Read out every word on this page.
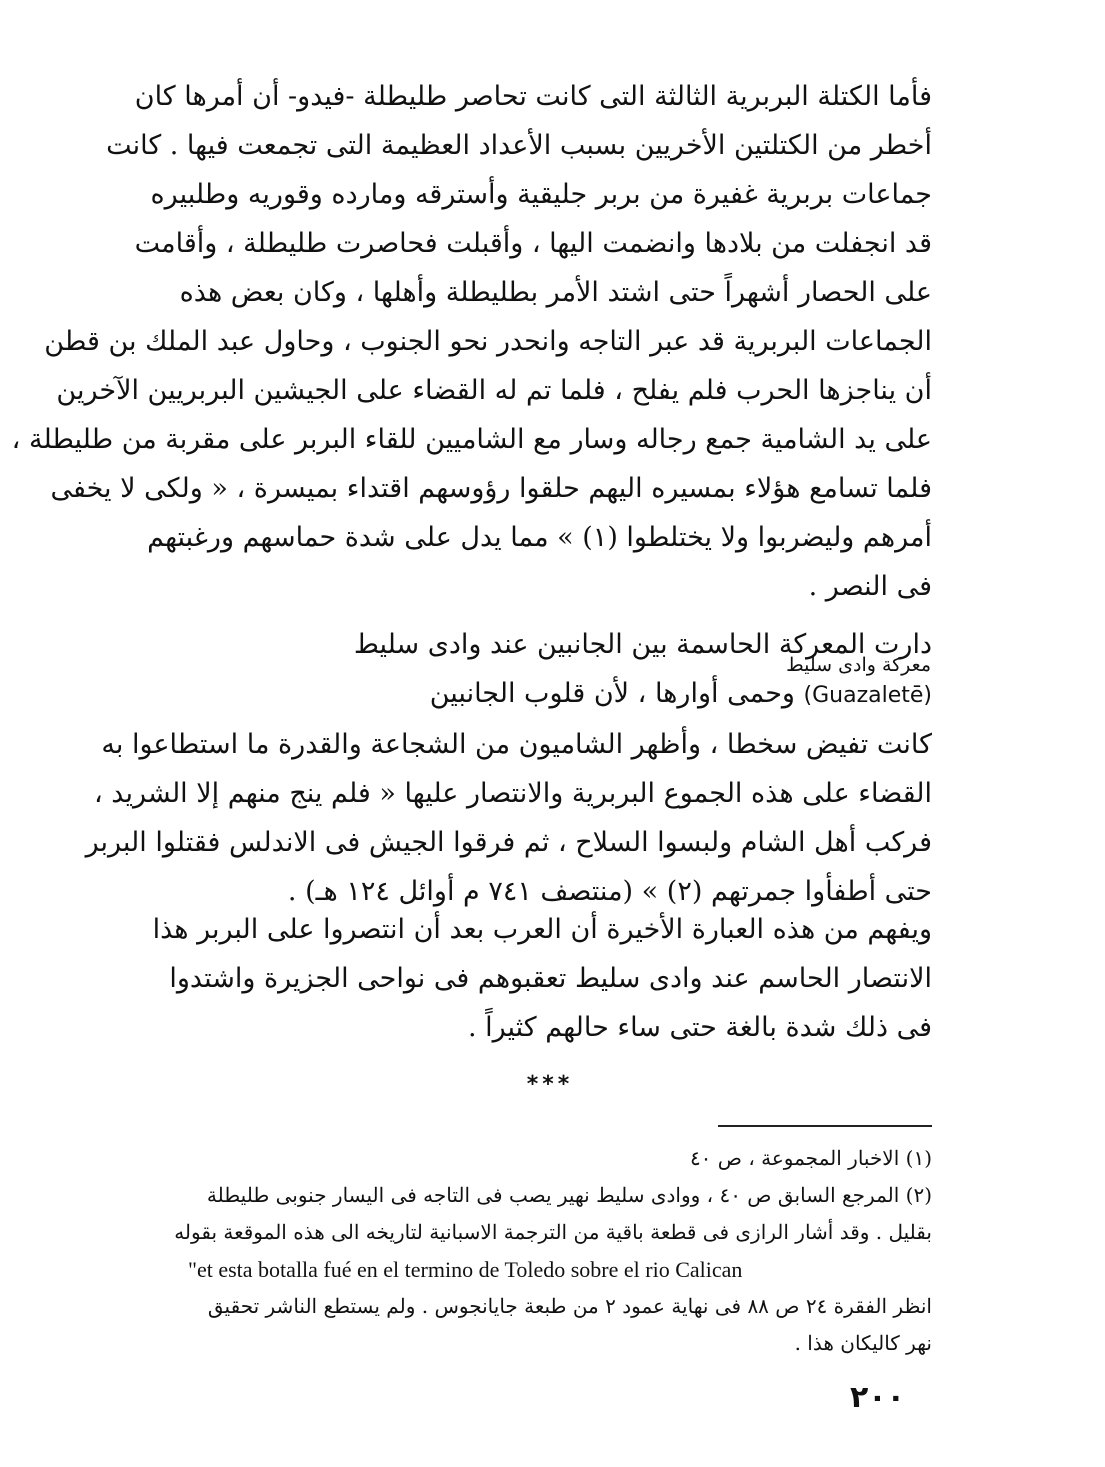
فأما الكتلة البربرية الثالثة التى كانت تحاصر طليطلة -فيدو- أن أمرها كان
أخطر من الكتلتين الأخريين بسبب الأعداد العظيمة التى تجمعت فيها . كانت
جماعات بربرية غفيرة من بربر جليقية وأسترقه ومارده وقوريه وطلبيره
قد انجفلت من بلادها وانضمت اليها ، وأقبلت فحاصرت طليطلة ، وأقامت
على الحصار أشهراً حتى اشتد الأمر بطليطلة وأهلها ، وكان بعض هذه
الجماعات البربرية قد عبر التاجه وانحدر نحو الجنوب ، وحاول عبد الملك بن قطن
أن يناجزها الحرب فلم يفلح ، فلما تم له القضاء على الجيشين البربريين الآخرين
على يد الشامية جمع رجاله وسار مع الشاميين للقاء البربر على مقربة من طليطلة ،
فلما تسامع هؤلاء بمسيره اليهم حلقوا رؤوسهم اقتداء بميسرة ، « ولكى لا يخفى
أمرهم وليضربوا ولا يختلطوا (١) » مما يدل على شدة حماسهم ورغبتهم
فى النصر .
معركة وادى سليط
دارت المعركة الحاسمة بين الجانبين عند وادى سليط
(Guazaletē) وحمى أوارها ، لأن قلوب الجانبين
كانت تفيض سخطا ، وأظهر الشاميون من الشجاعة والقدرة ما استطاعوا به
القضاء على هذه الجموع البربرية والانتصار عليها « فلم ينج منهم إلا الشريد ،
فركب أهل الشام ولبسوا السلاح ، ثم فرقوا الجيش فى الاندلس فقتلوا البربر
حتى أطفأوا جمرتهم (٢) » (منتصف ٧٤١ م أوائل ١٢٤ هـ) .
ويفهم من هذه العبارة الأخيرة أن العرب بعد أن انتصروا على البربر هذا
الانتصار الحاسم عند وادى سليط تعقبوهم فى نواحى الجزيرة واشتدوا
فى ذلك شدة بالغة حتى ساء حالهم كثيراً .
***
(١) الاخبار المجموعة ، ص ٤٠
(٢) المرجع السابق ص ٤٠ ، ووادى سليط نهير يصب فى التاجه فى اليسار جنوبى طليطلة
بقليل . وقد أشار الرازى فى قطعة باقية من الترجمة الاسبانية لتاريخه الى هذه الموقعة بقوله
"et esta botalla fué en el termino de Toledo sobre el rio Calican
انظر الفقرة ٢٤ ص ٨٨ فى نهاية عمود ٢ من طبعة جايانجوس . ولم يستطع الناشر تحقيق
نهر كاليكان هذا .
٢٠٠
